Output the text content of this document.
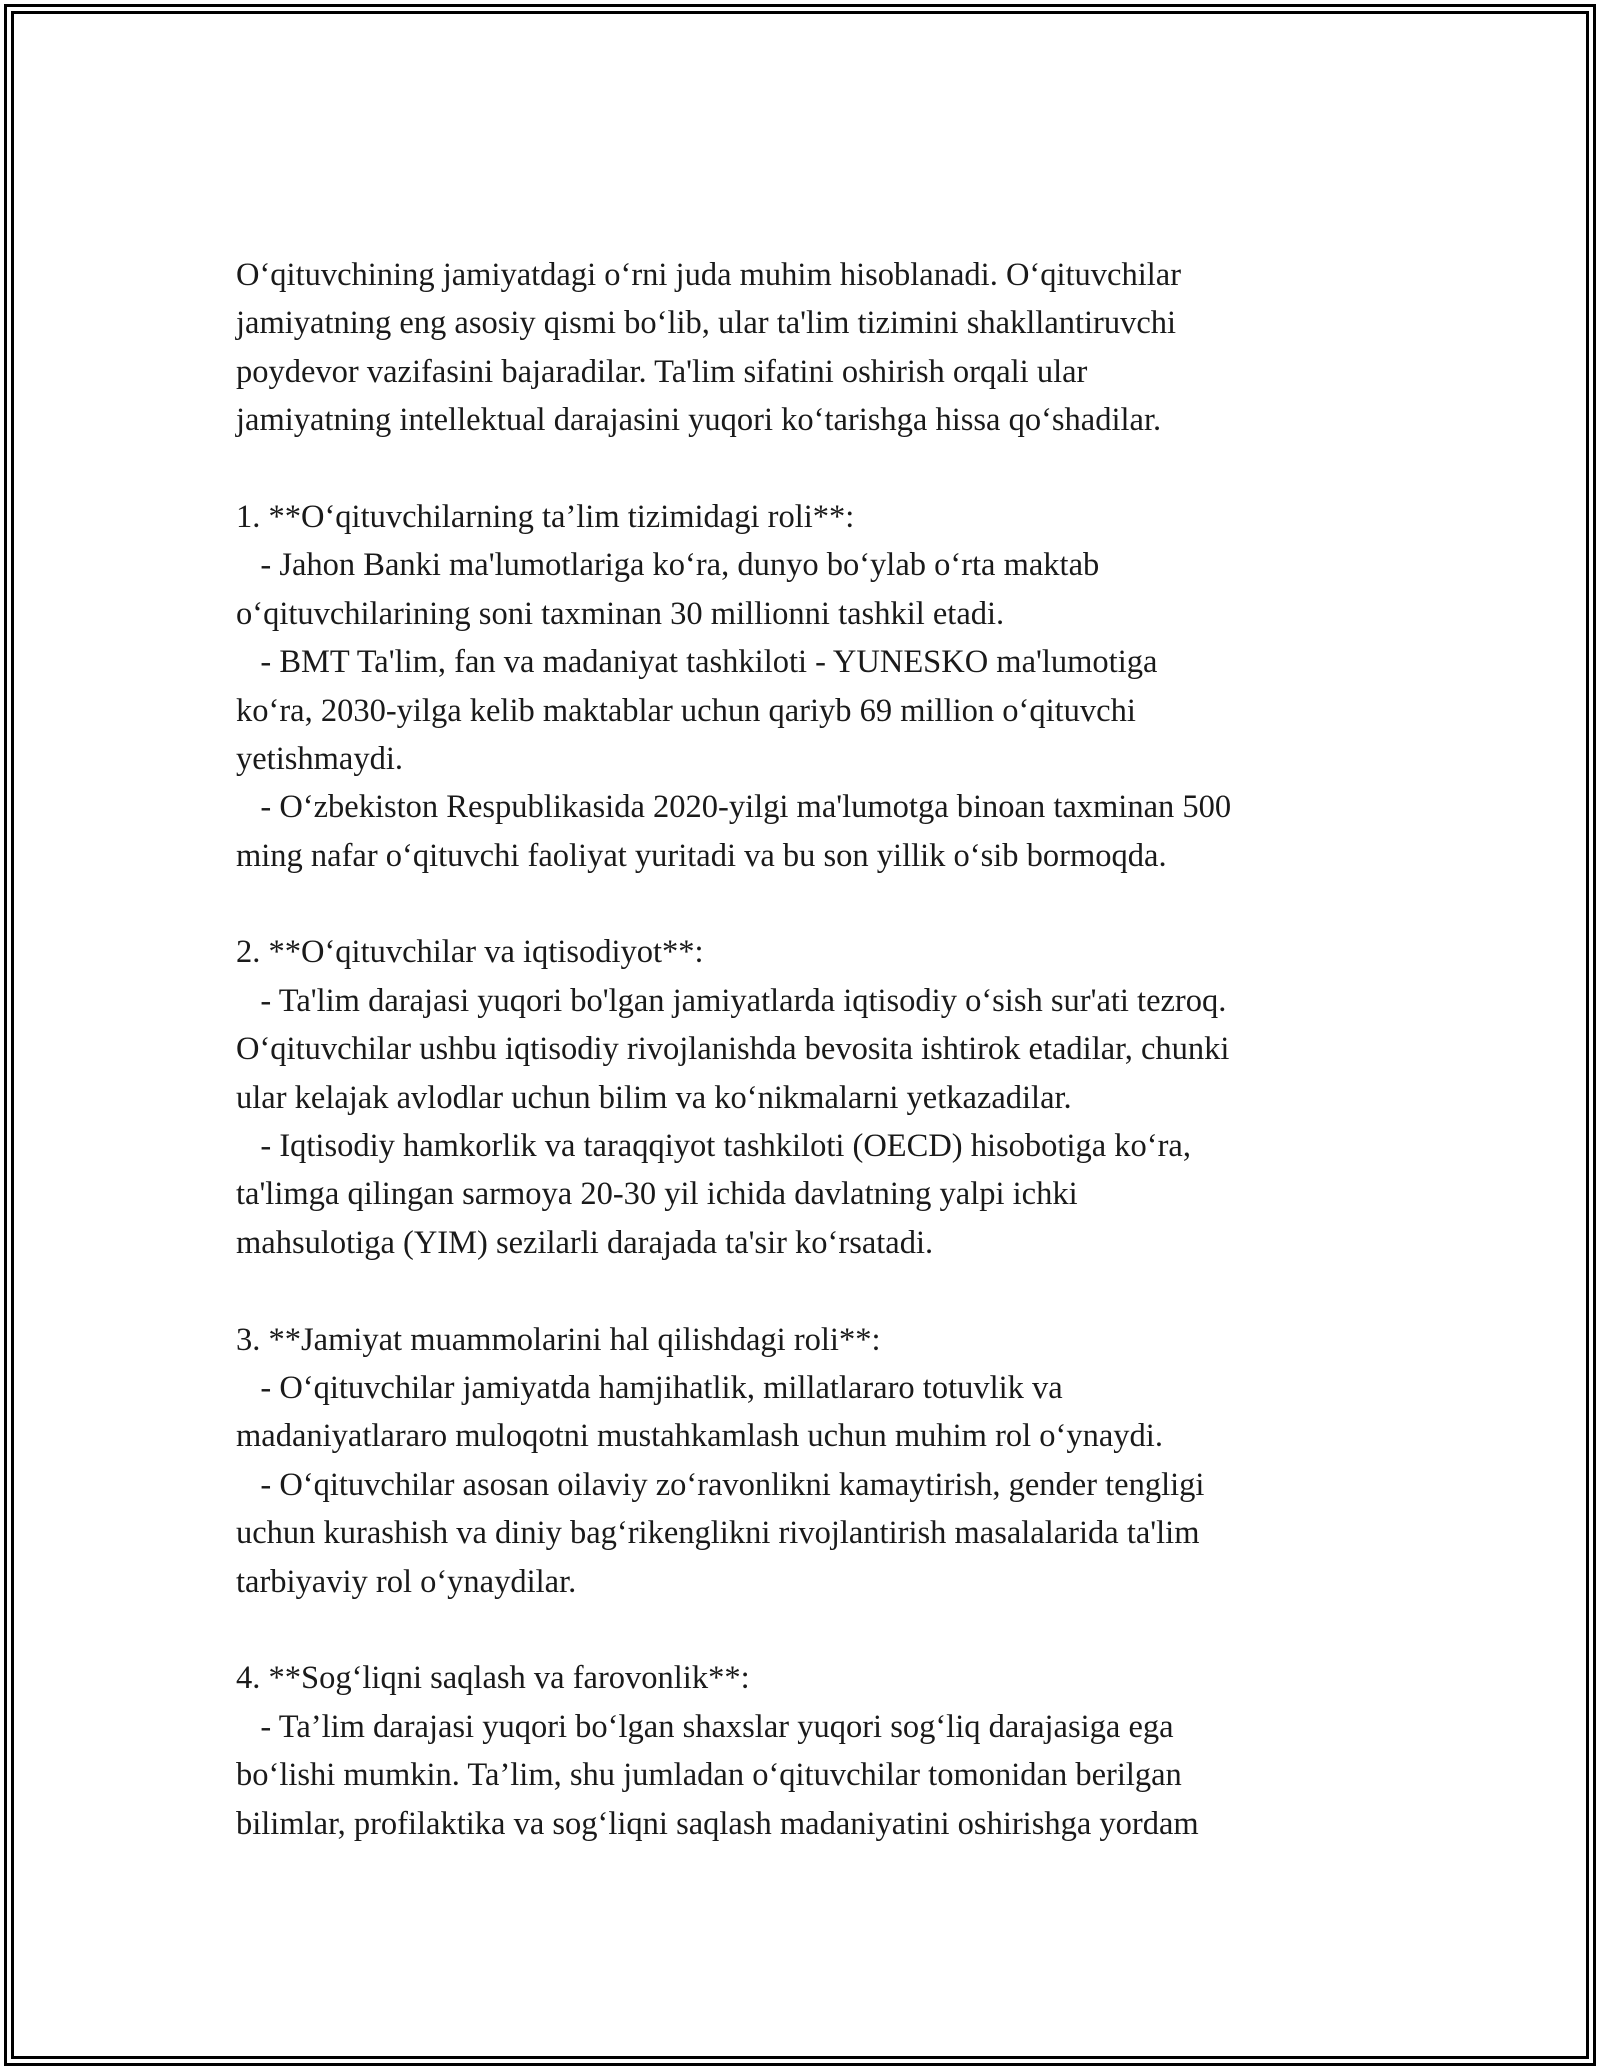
O‘qituvchining jamiyatdagi o‘rni juda muhim hisoblanadi. O‘qituvchilar
jamiyatning eng asosiy qismi bo‘lib, ular ta'lim tizimini shakllantiruvchi
poydevor vazifasini bajaradilar. Ta'lim sifatini oshirish orqali ular
jamiyatning intellektual darajasini yuqori ko‘tarishga hissa qo‘shadilar.
1. **O‘qituvchilarning ta’lim tizimidagi roli**:
- Jahon Banki ma'lumotlariga ko‘ra, dunyo bo‘ylab o‘rta maktab
o‘qituvchilarining soni taxminan 30 millionni tashkil etadi.
- BMT Ta'lim, fan va madaniyat tashkiloti - YUNESKO ma'lumotiga
ko‘ra, 2030-yilga kelib maktablar uchun qariyb 69 million o‘qituvchi
yetishmaydi.
- O‘zbekiston Respublikasida 2020-yilgi ma'lumotga binoan taxminan 500
ming nafar o‘qituvchi faoliyat yuritadi va bu son yillik o‘sib bormoqda.
2. **O‘qituvchilar va iqtisodiyot**:
- Ta'lim darajasi yuqori bo'lgan jamiyatlarda iqtisodiy o‘sish sur'ati tezroq.
O‘qituvchilar ushbu iqtisodiy rivojlanishda bevosita ishtirok etadilar, chunki
ular kelajak avlodlar uchun bilim va ko‘nikmalarni yetkazadilar.
- Iqtisodiy hamkorlik va taraqqiyot tashkiloti (OECD) hisobotiga ko‘ra,
ta'limga qilingan sarmoya 20-30 yil ichida davlatning yalpi ichki
mahsulotiga (YIM) sezilarli darajada ta'sir ko‘rsatadi.
3. **Jamiyat muammolarini hal qilishdagi roli**:
- O‘qituvchilar jamiyatda hamjihatlik, millatlararo totuvlik va
madaniyatlararo muloqotni mustahkamlash uchun muhim rol o‘ynaydi.
- O‘qituvchilar asosan oilaviy zo‘ravonlikni kamaytirish, gender tengligi
uchun kurashish va diniy bag‘rikenglikni rivojlantirish masalalarida ta'lim
tarbiyaviy rol o‘ynaydilar.
4. **Sog‘liqni saqlash va farovonlik**:
- Ta’lim darajasi yuqori bo‘lgan shaxslar yuqori sog‘liq darajasiga ega
bo‘lishi mumkin. Ta’lim, shu jumladan o‘qituvchilar tomonidan berilgan
bilimlar, profilaktika va sog‘liqni saqlash madaniyatini oshirishga yordam
